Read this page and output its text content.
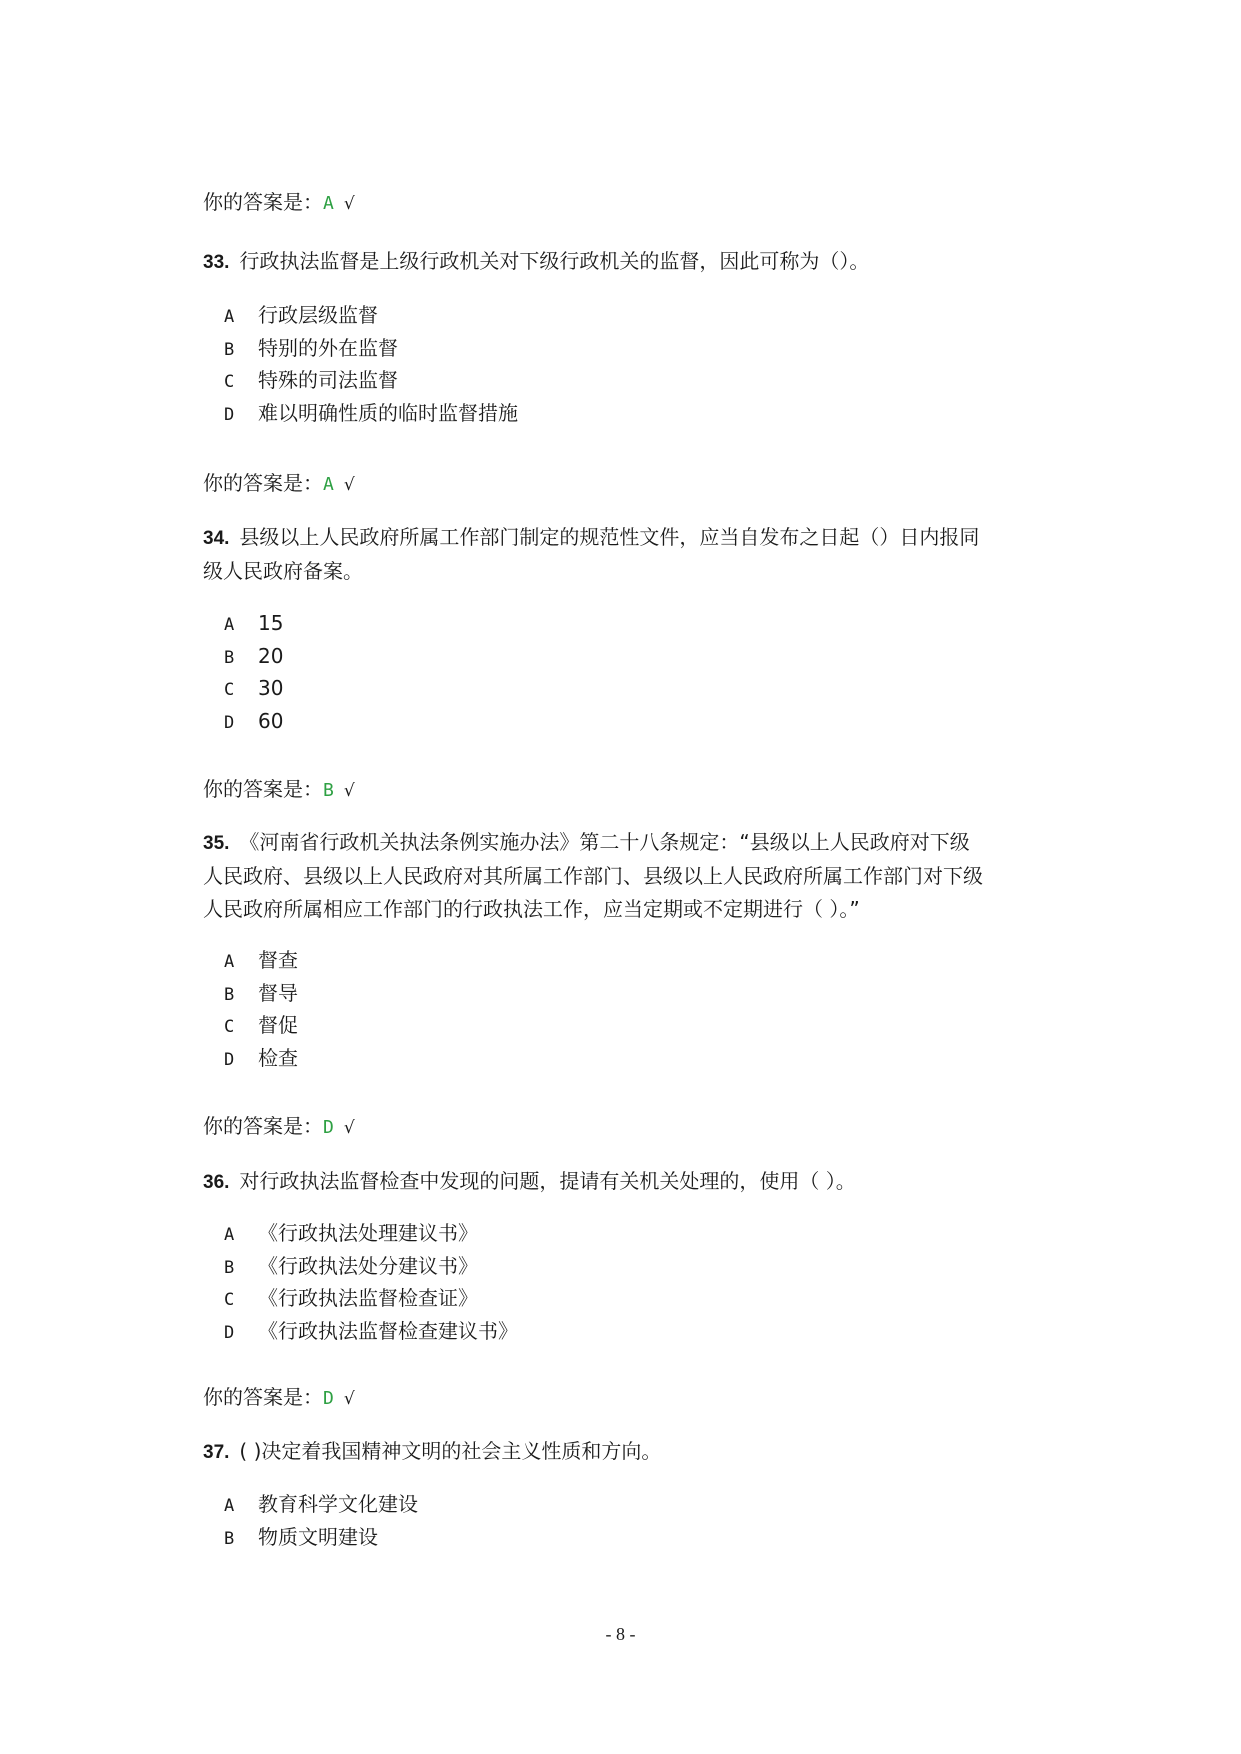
你的答案是：A √
33. 行政执法监督是上级行政机关对下级行政机关的监督，因此可称为（）。
A 行政层级监督
B 特别的外在监督
C 特殊的司法监督
D 难以明确性质的临时监督措施
你的答案是：A √
34. 县级以上人民政府所属工作部门制定的规范性文件，应当自发布之日起（）日内报同
级人民政府备案。
A 15
B 20
C 30
D 60
你的答案是：B √
35. 《河南省行政机关执法条例实施办法》第二十八条规定：“县级以上人民政府对下级
人民政府、县级以上人民政府对其所属工作部门、县级以上人民政府所属工作部门对下级
人民政府所属相应工作部门的行政执法工作，应当定期或不定期进行（ ）。”
A 督查
B 督导
C 督促
D 检查
你的答案是：D √
36. 对行政执法监督检查中发现的问题，提请有关机关处理的，使用（ ）。
A 《行政执法处理建议书》
B 《行政执法处分建议书》
C 《行政执法监督检查证》
D 《行政执法监督检查建议书》
你的答案是：D √
37. ( )决定着我国精神文明的社会主义性质和方向。
A 教育科学文化建设
B 物质文明建设
- 8 -
